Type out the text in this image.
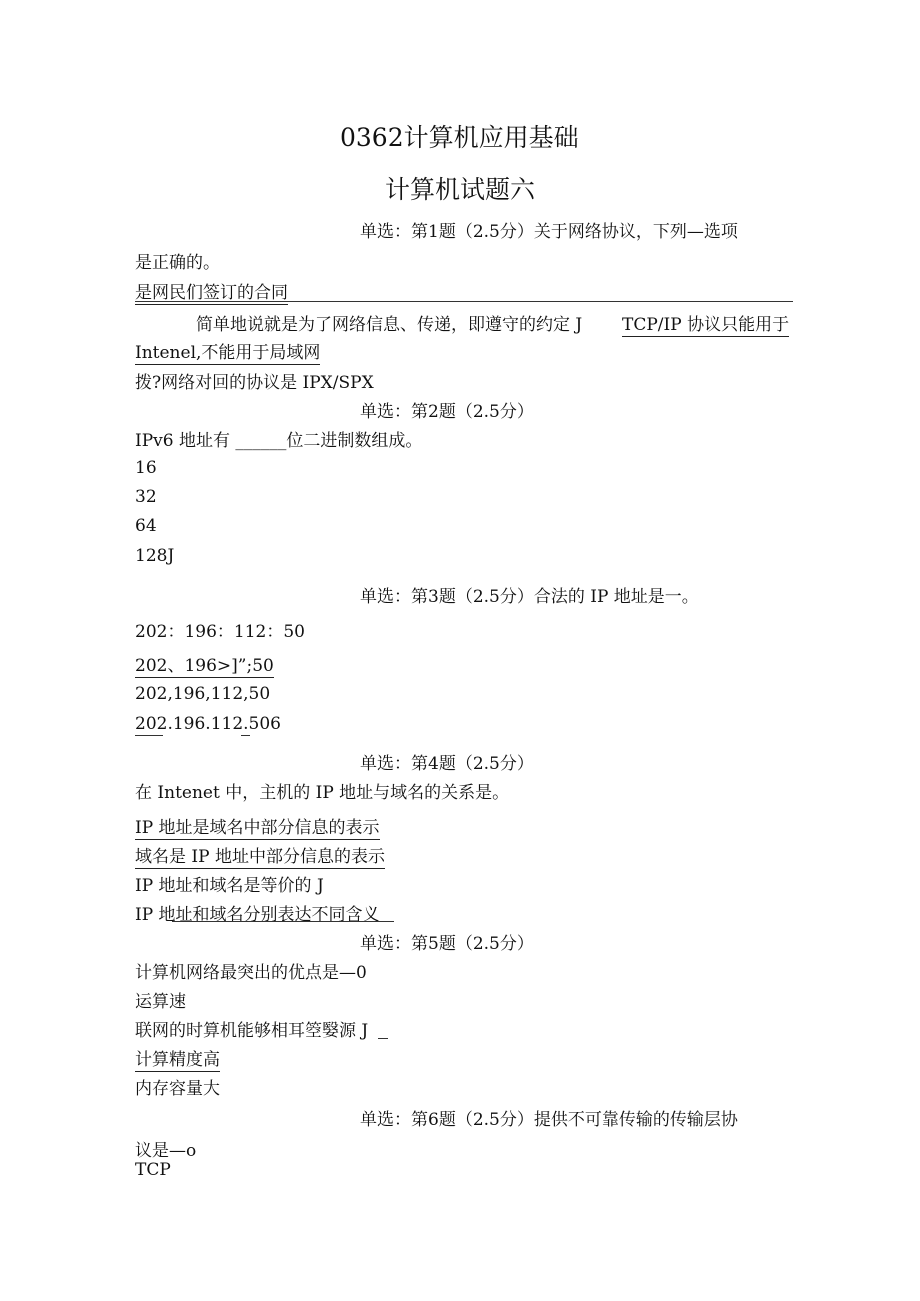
0362计算机应用基础
计算机试题六
单选：第1题（2.5分）关于网络协议，下列—选项
是正确的。
是网民们签订的合同
简单地说就是为了网络信息、传递，即遵守的约定 J TCP/IP 协议只能用于
Intenel,不能用于局域网
拨?网络对回的协议是 IPX/SPX
单选：第2题（2.5分）
IPv6 地址有 ______位二进制数组成。
16
32
64
128J
单选：第3题（2.5分）合法的 IP 地址是一。
202：196：112：50
202、196>]”;50
202,196,112,50
202.196.112.506
单选：第4题（2.5分）
在 Intenet 中，主机的 IP 地址与域名的关系是。
IP 地址是域名中部分信息的表示
域名是 IP 地址中部分信息的表示
IP 地址和域名是等价的 J
IP 地址和域名分别表达不同含义
单选：第5题（2.5分）
计算机网络最突出的优点是—0
运算速
联网的时算机能够相耳箜嫛源 J
计算精度高
内存容量大
单选：第6题（2.5分）提供不可靠传输的传输层协
议是—o
TCP
